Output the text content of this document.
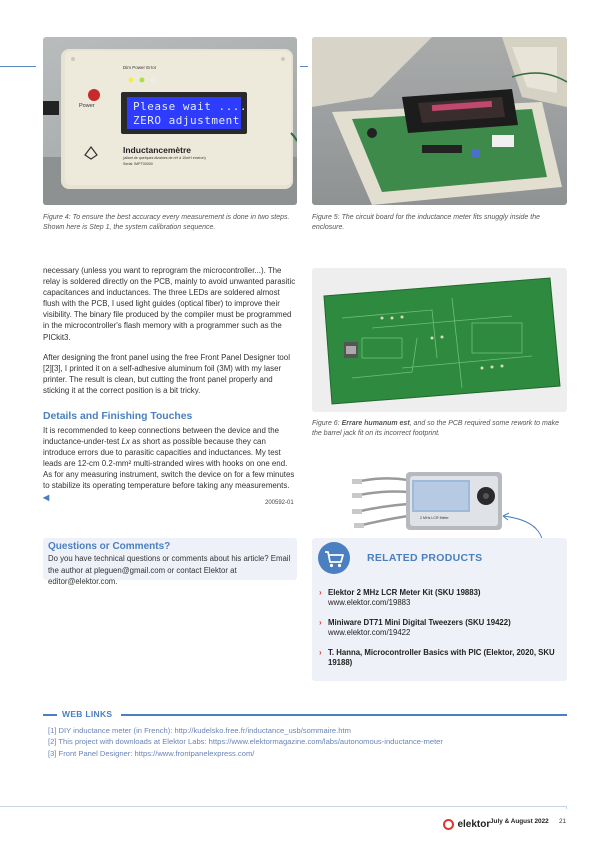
Please wait ....
ZERO adjustment
Dim Power Error
Power
Inductancemètre
(allant de quelques dizaines de nH à 10mH environ)
Serial: IMPT00000
Figure 4: To ensure the best accuracy every measurement is done in two steps. Shown here is Step 1, the system calibration sequence.
Figure 5: The circuit board for the inductance meter fits snuggly inside the enclosure.

necessary (unless you want to reprogram the microcontroller...). The relay is soldered directly on the PCB, mainly to avoid unwanted parasitic capacitances and inductances. The three LEDs are soldered almost flush with the PCB, I used light guides (optical fiber) to improve their visibility. The binary file produced by the compiler must be programmed in the microcontroller's flash memory with a programmer such as the PICkit3.

After designing the front panel using the free Front Panel Designer tool [2][3], I printed it on a self-adhesive aluminum foil (3M) with my laser printer. The result is clean, but cutting the front panel properly and sticking it at the correct position is a bit tricky.

Details and Finishing Touches
It is recommended to keep connections between the device and the inductance-under-test Lx as short as possible because they can introduce errors due to parasitic capacities and inductances. My test leads are 12-cm 0.2-mm² multi-stranded wires with hooks on one end. As for any measuring instrument, switch the device on for a few minutes to stabilize its operating temperature before taking any measurements. ◀
200592-01
Figure 6: Errare humanum est, and so the PCB required some rework to make the barrel jack fit on its incorrect footprint.
2 MHz LCR Meter
Questions or Comments?
Do you have technical questions or comments about his article? Email the author at pleguen@gmail.com or contact Elektor at editor@elektor.com.
RELATED PRODUCTS
› Elektor 2 MHz LCR Meter Kit (SKU 19883)
www.elektor.com/19883
› Miniware DT71 Mini Digital Tweezers (SKU 19422)
www.elektor.com/19422
› T. Hanna, Microcontroller Basics with PIC (Elektor, 2020, SKU 19188)
WEB LINKS
[1] DIY inductance meter (in French): http://kudelsko.free.fr/inductance_usb/sommaire.htm
[2] This project with downloads at Elektor Labs: https://www.elektormagazine.com/labs/autonomous-inductance-meter
[3] Front Panel Designer: https://www.frontpanelexpress.com/
elektor July & August 2022 21
